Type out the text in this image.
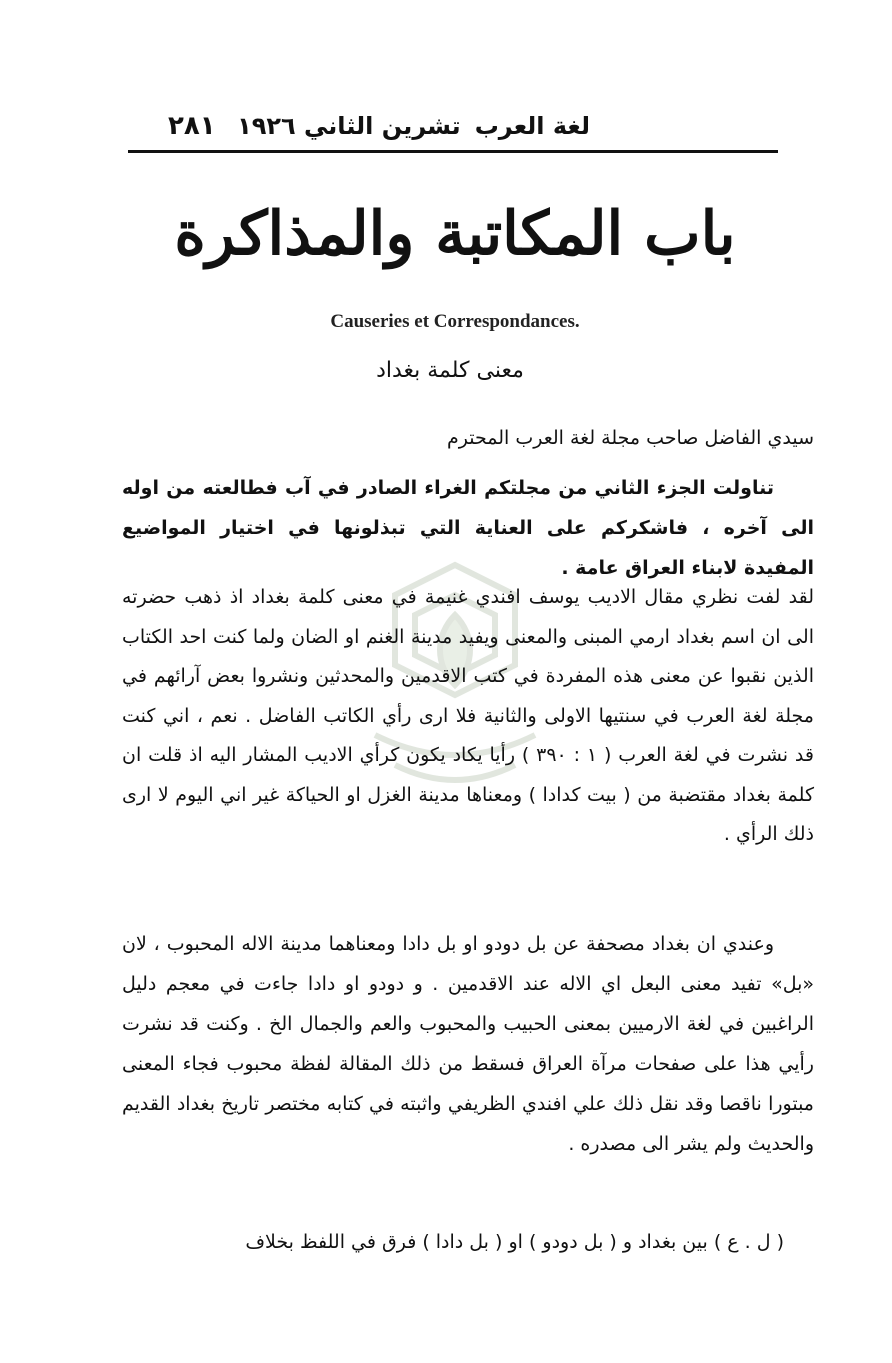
لغة العرب
تشرين الثاني ١٩٢٦
٢٨١
باب المكاتبة والمذاكرة
Causeries et Correspondances.
معنى كلمة بغداد
سيدي الفاضل صاحب مجلة لغة العرب المحترم
تناولت الجزء الثاني من مجلتكم الغراء الصادر في آب فطالعته من اوله الى آخره ، فاشكركم على العناية التي تبذلونها في اختيار المواضيع المفيدة لابناء العراق عامة .
لقد لفت نظري مقال الاديب يوسف افندي غنيمة في معنى كلمة بغداد اذ ذهب حضرته الى ان اسم بغداد ارمي المبنى والمعنى ويفيد مدينة الغنم او الضان ولما كنت احد الكتاب الذين نقبوا عن معنى هذه المفردة في كتب الاقدمين والمحدثين ونشروا بعض آرائهم في مجلة لغة العرب في سنتيها الاولى والثانية فلا ارى رأي الكاتب الفاضل . نعم ، اني كنت قد نشرت في لغة العرب ( ١ : ٣٩٠ ) رأيا يكاد يكون كرأي الاديب المشار اليه اذ قلت ان كلمة بغداد مقتضبة من ( بيت كدادا ) ومعناها مدينة الغزل او الحياكة غير اني اليوم لا ارى ذلك الرأي .
وعندي ان بغداد مصحفة عن بل دودو او بل دادا ومعناهما مدينة الاله المحبوب ، لان «بل» تفيد معنى البعل اي الاله عند الاقدمين . و دودو او دادا جاءت في معجم دليل الراغبين في لغة الارميين بمعنى الحبيب والمحبوب والعم والجمال الخ . وكنت قد نشرت رأيي هذا على صفحات مرآة العراق فسقط من ذلك المقالة لفظة محبوب فجاء المعنى مبتورا ناقصا وقد نقل ذلك علي افندي الظريفي واثبته في كتابه مختصر تاريخ بغداد القديم والحديث ولم يشر الى مصدره .
( ل . ع ) بين بغداد و ( بل دودو ) او ( بل دادا ) فرق في اللفظ بخلاف
